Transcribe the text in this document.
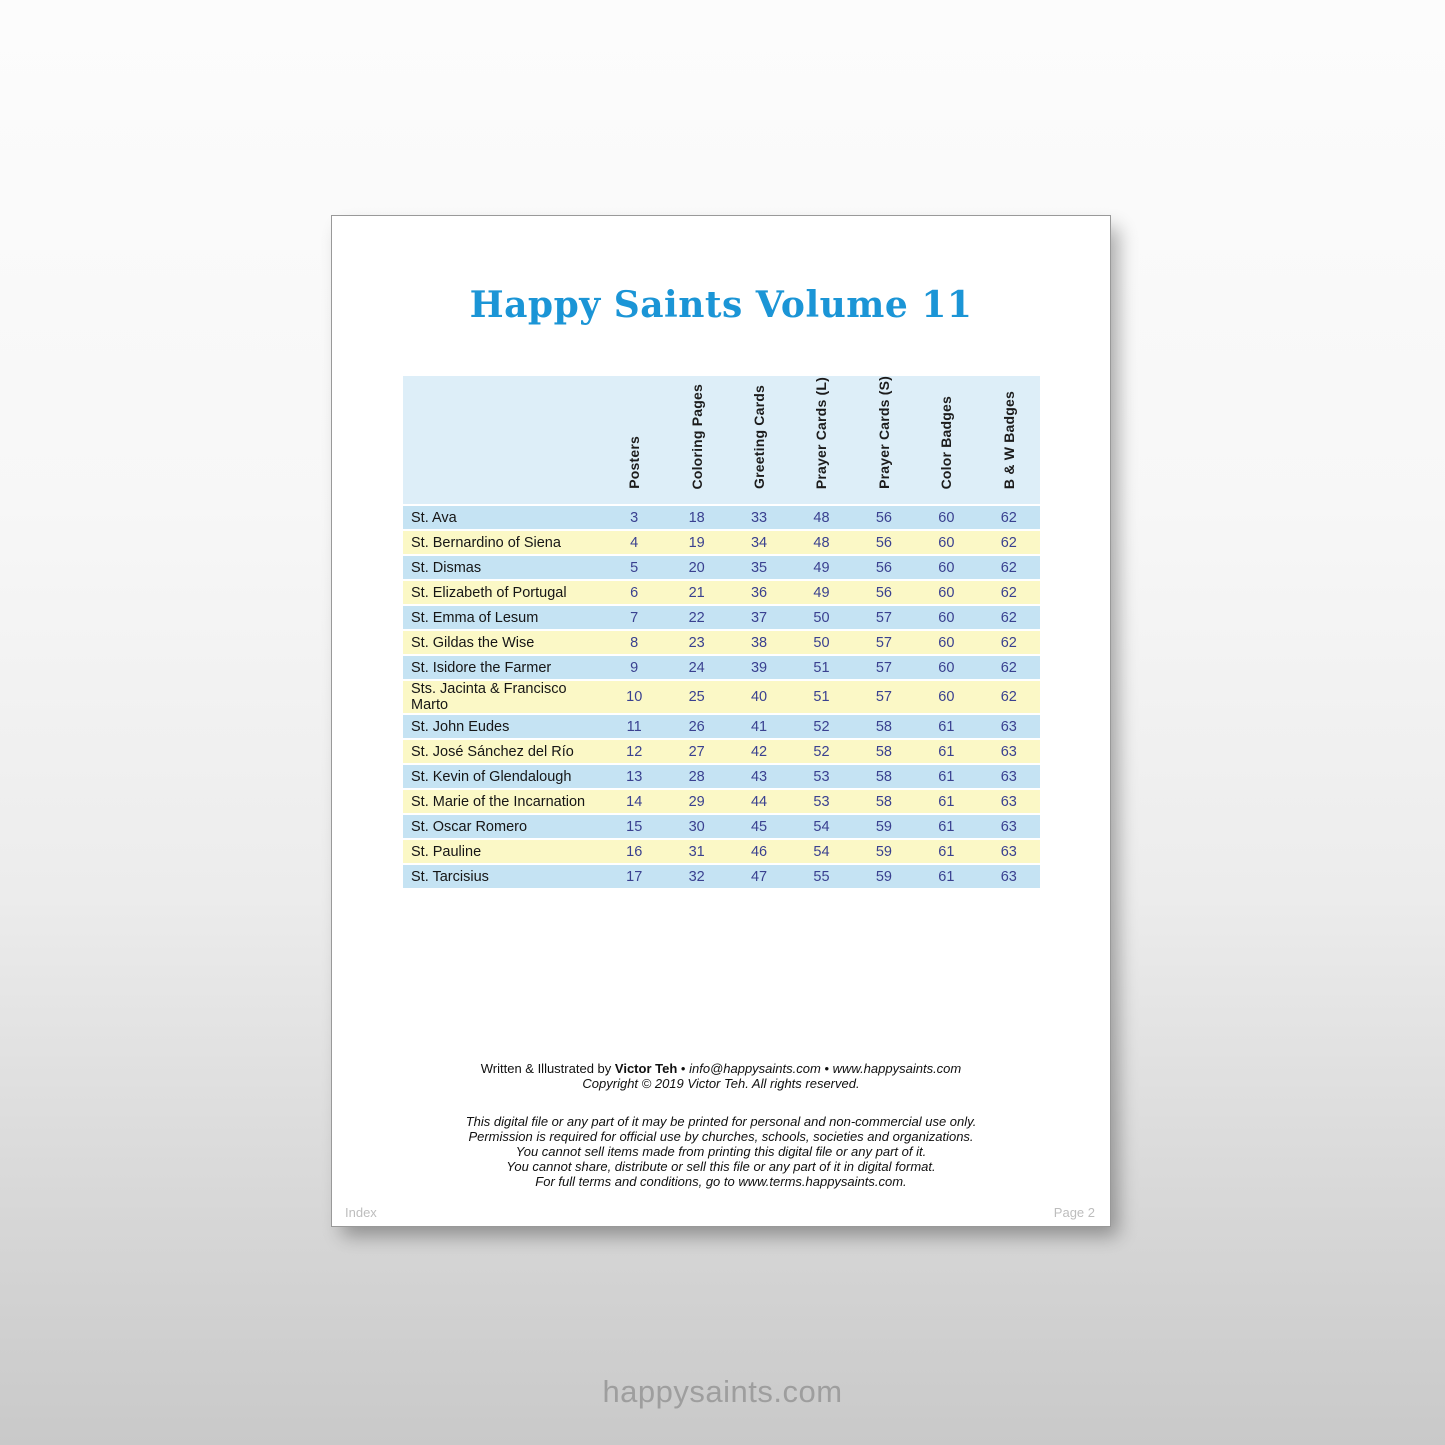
Happy Saints Volume 11
	Posters	Coloring Pages	Greeting Cards	Prayer Cards (L)	Prayer Cards (S)	Color Badges	B & W Badges
St. Ava	3	18	33	48	56	60	62
St. Bernardino of Siena	4	19	34	48	56	60	62
St. Dismas	5	20	35	49	56	60	62
St. Elizabeth of Portugal	6	21	36	49	56	60	62
St. Emma of Lesum	7	22	37	50	57	60	62
St. Gildas the Wise	8	23	38	50	57	60	62
St. Isidore the Farmer	9	24	39	51	57	60	62
Sts. Jacinta & Francisco Marto	10	25	40	51	57	60	62
St. John Eudes	11	26	41	52	58	61	63
St. José Sánchez del Río	12	27	42	52	58	61	63
St. Kevin of Glendalough	13	28	43	53	58	61	63
St. Marie of the Incarnation	14	29	44	53	58	61	63
St. Oscar Romero	15	30	45	54	59	61	63
St. Pauline	16	31	46	54	59	61	63
St. Tarcisius	17	32	47	55	59	61	63
Written & Illustrated by Victor Teh • info@happysaints.com • www.happysaints.com
Copyright © 2019 Victor Teh. All rights reserved.
This digital file or any part of it may be printed for personal and non-commercial use only.
Permission is required for official use by churches, schools, societies and organizations.
You cannot sell items made from printing this digital file or any part of it.
You cannot share, distribute or sell this file or any part of it in digital format.
For full terms and conditions, go to www.terms.happysaints.com.
Index	Page 2
happysaints.com
